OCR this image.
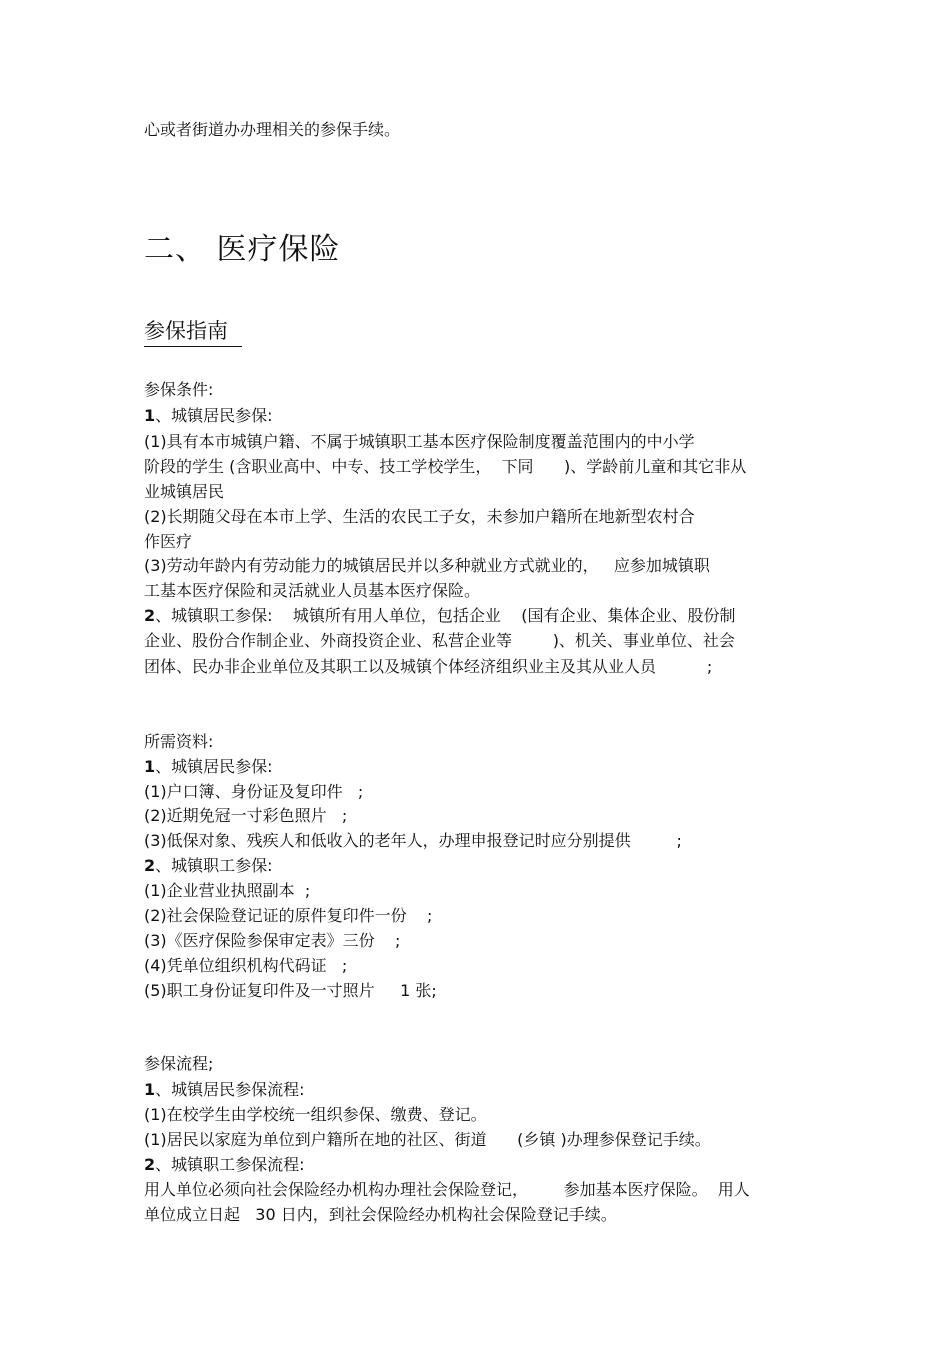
心或者街道办办理相关的参保手续。
二、 医疗保险
参保指南
参保条件:
1、城镇居民参保:
(1)具有本市城镇户籍、不属于城镇职工基本医疗保险制度覆盖范围内的中小学
阶段的学生 (含职业高中、中专、技工学校学生，  下同      )、学龄前儿童和其它非从
业城镇居民
(2)长期随父母在本市上学、生活的农民工子女，未参加户籍所在地新型农村合
作医疗
(3)劳动年龄内有劳动能力的城镇居民并以多种就业方式就业的，   应参加城镇职
工基本医疗保险和灵活就业人员基本医疗保险。
2、城镇职工参保:    城镇所有用人单位，包括企业    (国有企业、集体企业、股份制
企业、股份合作制企业、外商投资企业、私营企业等        )、机关、事业单位、社会
团体、民办非企业单位及其职工以及城镇个体经济组织业主及其从业人员          ;
所需资料:
1、城镇居民参保:
(1)户口簿、身份证及复印件   ;
(2)近期免冠一寸彩色照片   ;
(3)低保对象、残疾人和低收入的老年人，办理申报登记时应分别提供         ;
2、城镇职工参保:
(1)企业营业执照副本  ;
(2)社会保险登记证的原件复印件一份    ;
(3)《医疗保险参保审定表》三份    ;
(4)凭单位组织机构代码证   ;
(5)职工身份证复印件及一寸照片     1 张;
参保流程;
1、城镇居民参保流程:
(1)在校学生由学校统一组织参保、缴费、登记。
(1)居民以家庭为单位到户籍所在地的社区、街道      (乡镇 )办理参保登记手续。
2、城镇职工参保流程:
用人单位必须向社会保险经办机构办理社会保险登记，       参加基本医疗保险。  用人
单位成立日起   30 日内，到社会保险经办机构社会保险登记手续。
